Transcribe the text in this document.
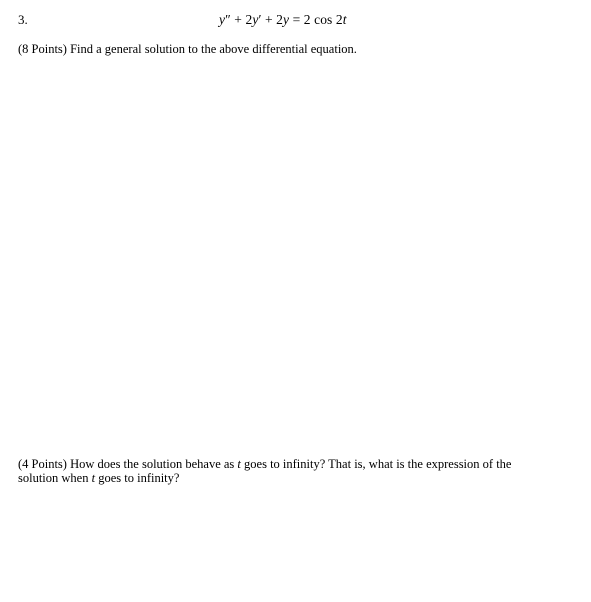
3.	y″ + 2y′ + 2y = 2 cos 2t
(8 Points) Find a general solution to the above differential equation.
(4 Points) How does the solution behave as t goes to infinity? That is, what is the expression of the
solution when t goes to infinity?
